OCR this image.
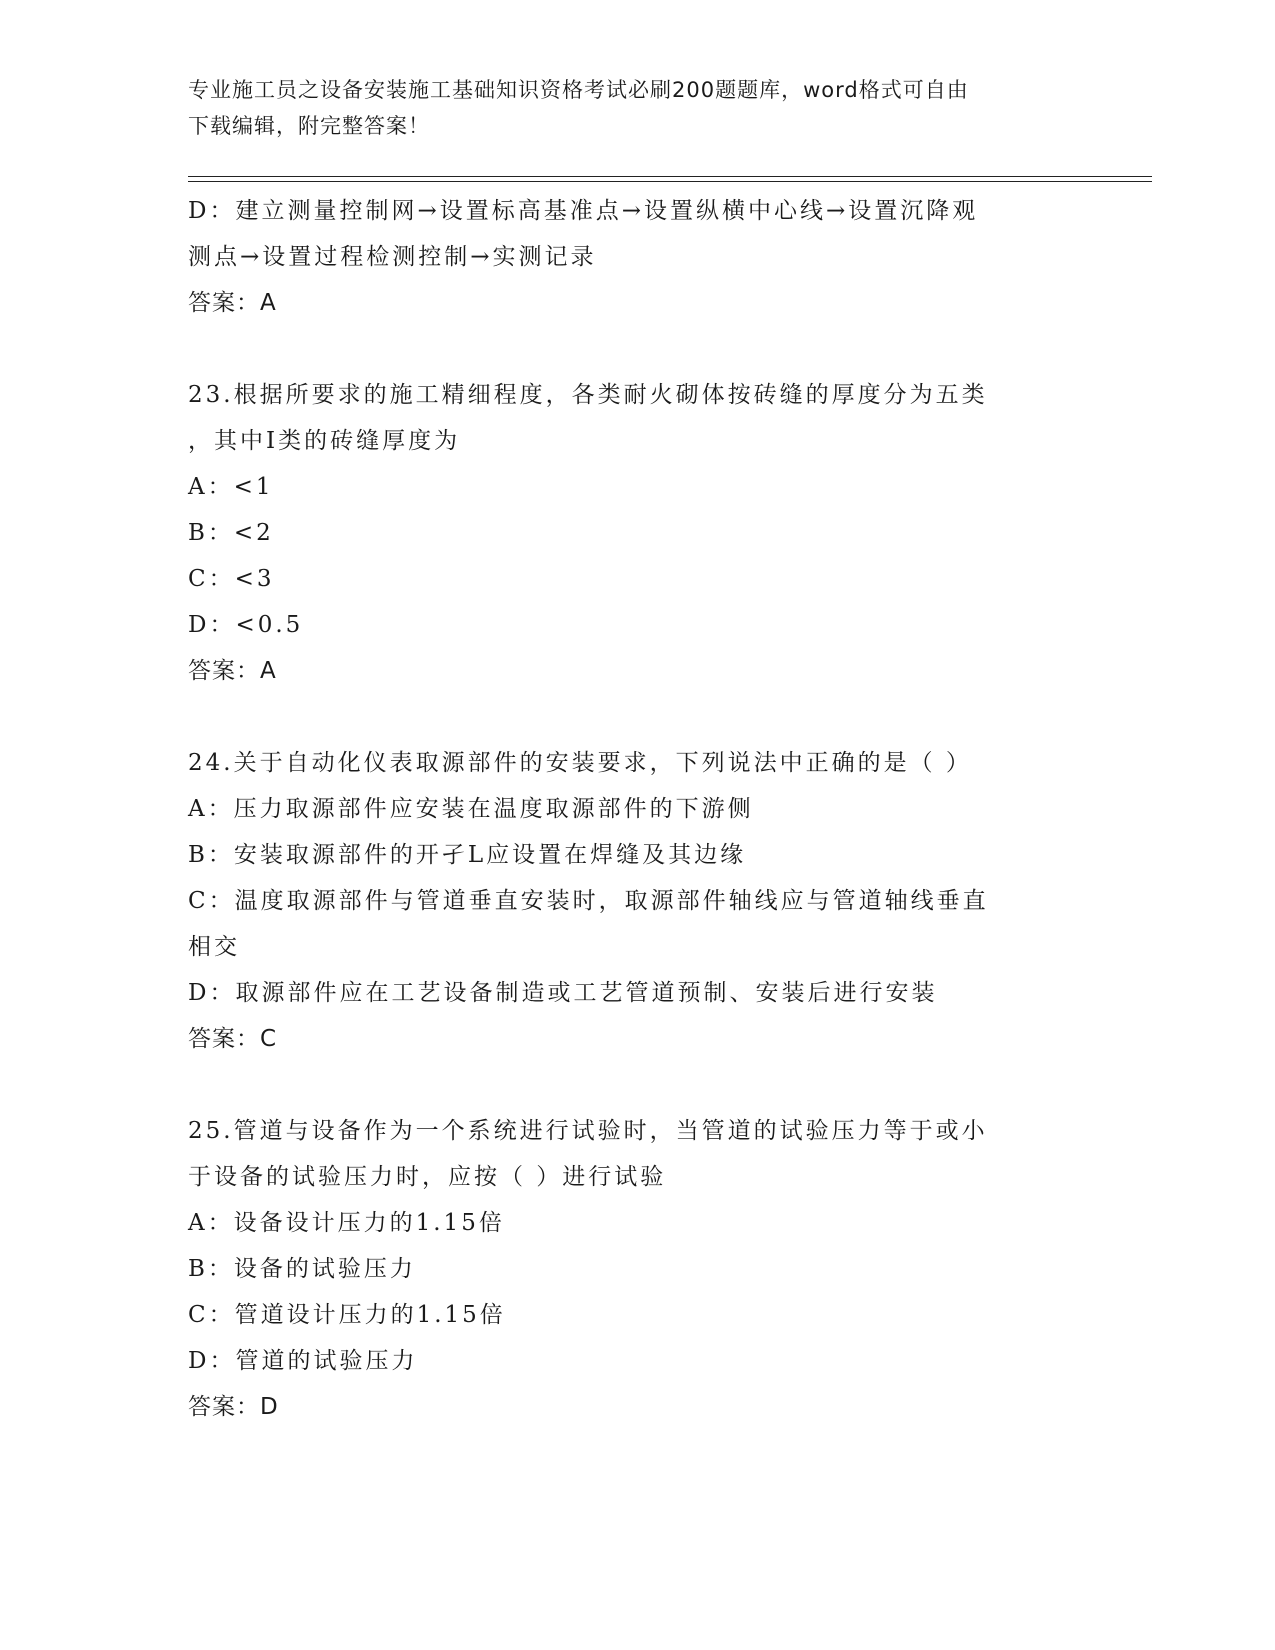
专业施工员之设备安装施工基础知识资格考试必刷200题题库，word格式可自由
下载编辑，附完整答案！
D：建立测量控制网→设置标高基准点→设置纵横中心线→设置沉降观
测点→设置过程检测控制→实测记录
答案：A
23.根据所要求的施工精细程度，各类耐火砌体按砖缝的厚度分为五类
，其中I类的砖缝厚度为
A：<1
B：<2
C：<3
D：<0.5
答案：A
24.关于自动化仪表取源部件的安装要求，下列说法中正确的是（ ）
A：压力取源部件应安装在温度取源部件的下游侧
B：安装取源部件的开孑L应设置在焊缝及其边缘
C：温度取源部件与管道垂直安装时，取源部件轴线应与管道轴线垂直
相交
D：取源部件应在工艺设备制造或工艺管道预制、安装后进行安装
答案：C
25.管道与设备作为一个系统进行试验时，当管道的试验压力等于或小
于设备的试验压力时，应按（ ）进行试验
A：设备设计压力的1.15倍
B：设备的试验压力
C：管道设计压力的1.15倍
D：管道的试验压力
答案：D
